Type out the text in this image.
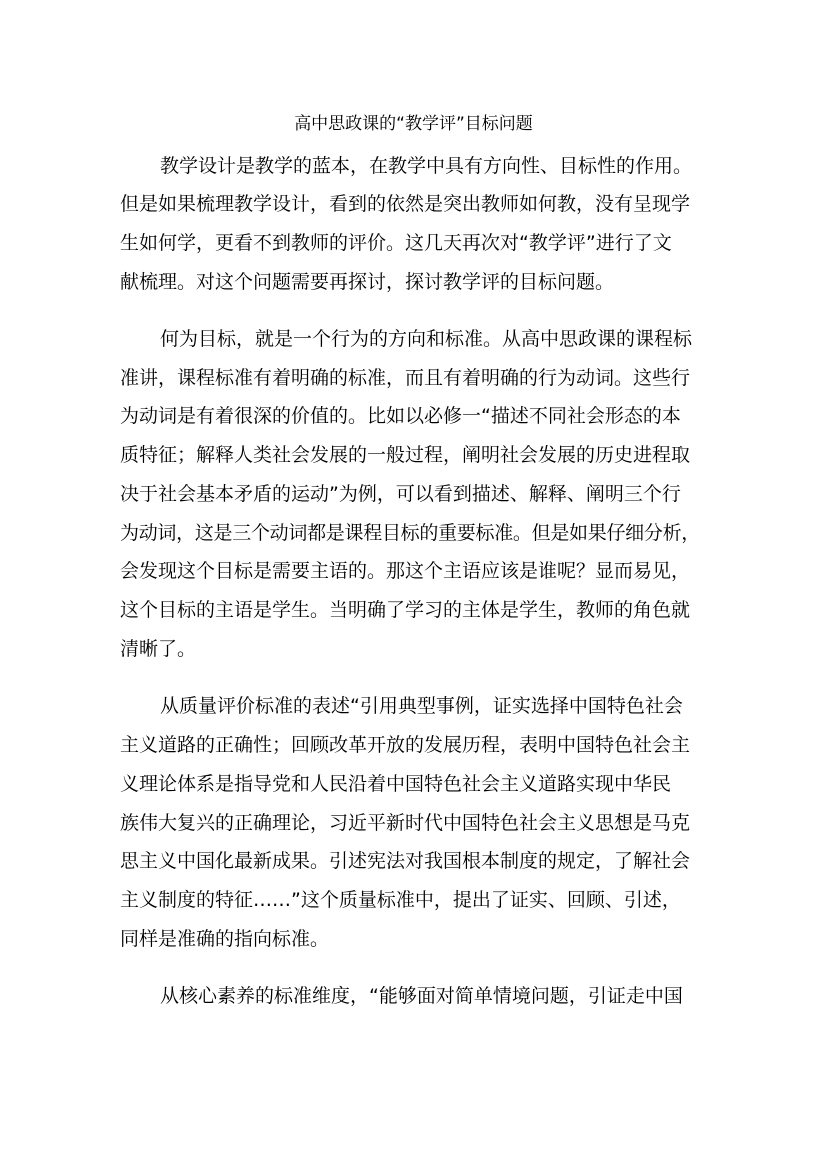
高中思政课的“教学评”目标问题
教学设计是教学的蓝本，在教学中具有方向性、目标性的作用。
但是如果梳理教学设计，看到的依然是突出教师如何教，没有呈现学
生如何学，更看不到教师的评价。这几天再次对“教学评”进行了文
献梳理。对这个问题需要再探讨，探讨教学评的目标问题。
何为目标，就是一个行为的方向和标准。从高中思政课的课程标
准讲，课程标准有着明确的标准，而且有着明确的行为动词。这些行
为动词是有着很深的价值的。比如以必修一“描述不同社会形态的本
质特征；解释人类社会发展的一般过程，阐明社会发展的历史进程取
决于社会基本矛盾的运动”为例，可以看到描述、解释、阐明三个行
为动词，这是三个动词都是课程目标的重要标准。但是如果仔细分析，
会发现这个目标是需要主语的。那这个主语应该是谁呢？显而易见，
这个目标的主语是学生。当明确了学习的主体是学生，教师的角色就
清晰了。
从质量评价标准的表述“引用典型事例，证实选择中国特色社会
主义道路的正确性；回顾改革开放的发展历程，表明中国特色社会主
义理论体系是指导党和人民沿着中国特色社会主义道路实现中华民
族伟大复兴的正确理论，习近平新时代中国特色社会主义思想是马克
思主义中国化最新成果。引述宪法对我国根本制度的规定，了解社会
主义制度的特征……”这个质量标准中，提出了证实、回顾、引述，
同样是准确的指向标准。
从核心素养的标准维度，“能够面对简单情境问题，引证走中国
